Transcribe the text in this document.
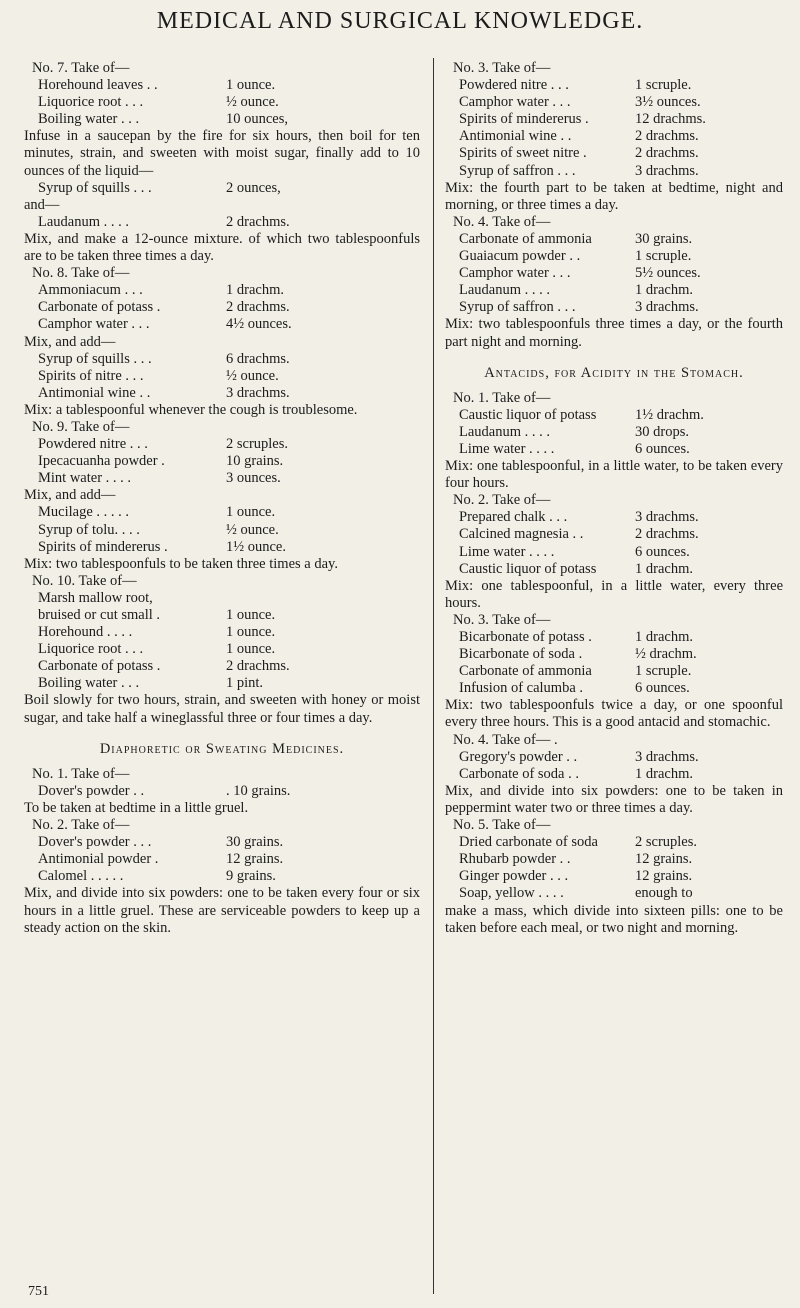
MEDICAL AND SURGICAL KNOWLEDGE.
No. 7. Take of—
Horehound leaves . .	1 ounce.
Liquorice root . . .	½ ounce.
Boiling water . . .	10 ounces,

Infuse in a saucepan by the fire for six hours, then boil for ten minutes, strain, and sweeten with moist sugar, finally add to 10 ounces of the liquid—

Syrup of squills . . .	2 ounces,
and—
Laudanum . . . .	2 drachms.

Mix, and make a 12-ounce mixture. of which two tablespoonfuls are to be taken three times a day.

No. 8. Take of—
Ammoniacum . . .	1 drachm.
Carbonate of potass .	2 drachms.
Camphor water . . .	4½ ounces.
Mix, and add—
Syrup of squills . . .	6 drachms.
Spirits of nitre . . .	½ ounce.
Antimonial wine . .	3 drachms.

Mix: a tablespoonful whenever the cough is troublesome.

No. 9. Take of—
Powdered nitre . . .	2 scruples.
Ipecacuanha powder .	10 grains.
Mint water . . . .	3 ounces.
Mix, and add—
Mucilage . . . . .	1 ounce.
Syrup of tolu. . . .	½ ounce.
Spirits of mindererus .	1½ ounce.

Mix: two tablespoonfuls to be taken three times a day.

No. 10. Take of—
Marsh mallow root,
bruised or cut small .	1 ounce.
Horehound . . . .	1 ounce.
Liquorice root . . .	1 ounce.
Carbonate of potass .	2 drachms.
Boiling water . . .	1 pint.

Boil slowly for two hours, strain, and sweeten with honey or moist sugar, and take half a wineglassful three or four times a day.

Diaphoretic or Sweating Medicines.
No. 1. Take of—
Dover's powder . .	. 10 grains.

To be taken at bedtime in a little gruel.

No. 2. Take of—
Dover's powder . . .	30 grains.
Antimonial powder .	12 grains.
Calomel . . . . .	9 grains.

Mix, and divide into six powders: one to be taken every four or six hours in a little gruel. These are serviceable powders to keep up a steady action on the skin.

No. 3. Take of—
Powdered nitre . . .	1 scruple.
Camphor water . . .	3½ ounces.
Spirits of mindererus .	12 drachms.
Antimonial wine . .	2 drachms.
Spirits of sweet nitre .	2 drachms.
Syrup of saffron . . .	3 drachms.

Mix: the fourth part to be taken at bedtime, night and morning, or three times a day.

No. 4. Take of—
Carbonate of ammonia	30 grains.
Guaiacum powder . .	1 scruple.
Camphor water . . .	5½ ounces.
Laudanum . . . .	1 drachm.
Syrup of saffron . . .	3 drachms.

Mix: two tablespoonfuls three times a day, or the fourth part night and morning.

Antacids, for Acidity in the Stomach.
No. 1. Take of—
Caustic liquor of potass	1½ drachm.
Laudanum . . . .	30 drops.
Lime water . . . .	6 ounces.

Mix: one tablespoonful, in a little water, to be taken every four hours.

No. 2. Take of—
Prepared chalk . . .	3 drachms.
Calcined magnesia . .	2 drachms.
Lime water . . . .	6 ounces.
Caustic liquor of potass	1 drachm.

Mix: one tablespoonful, in a little water, every three hours.

No. 3. Take of—
Bicarbonate of potass .	1 drachm.
Bicarbonate of soda .	½ drachm.
Carbonate of ammonia	1 scruple.
Infusion of calumba .	6 ounces.

Mix: two tablespoonfuls twice a day, or one spoonful every three hours. This is a good antacid and stomachic.

No. 4. Take of— .
Gregory's powder . .	3 drachms.
Carbonate of soda . .	1 drachm.

Mix, and divide into six powders: one to be taken in peppermint water two or three times a day.

No. 5. Take of—
Dried carbonate of soda	2 scruples.
Rhubarb powder . .	12 grains.
Ginger powder . . .	12 grains.
Soap, yellow . . . .	enough to

make a mass, which divide into sixteen pills: one to be taken before each meal, or two night and morning.

751
